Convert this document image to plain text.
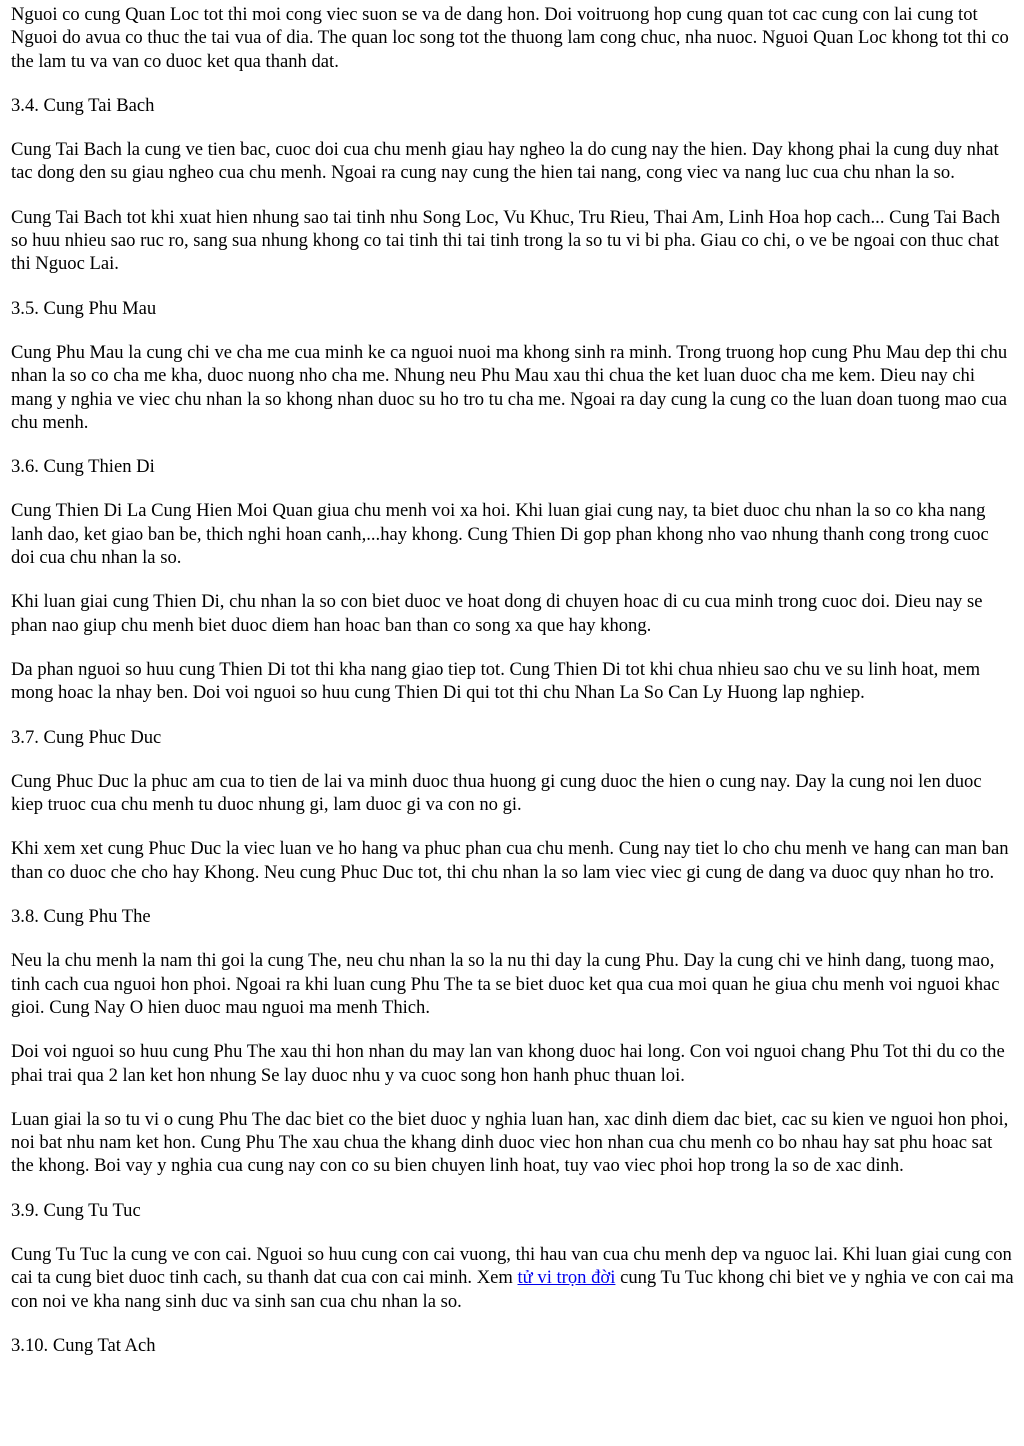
Nguoi co cung Quan Loc tot thi moi cong viec suon se va de dang hon. Doi voitruong hop cung quan tot cac cung con lai cung tot Nguoi do avua co thuc the tai vua of dia. The quan loc song tot the thuong lam cong chuc, nha nuoc. Nguoi Quan Loc khong tot thi co the lam tu va van co duoc ket qua thanh dat.

3.4. Cung Tai Bach

Cung Tai Bach la cung ve tien bac, cuoc doi cua chu menh giau hay ngheo la do cung nay the hien. Day khong phai la cung duy nhat tac dong den su giau ngheo cua chu menh. Ngoai ra cung nay cung the hien tai nang, cong viec va nang luc cua chu nhan la so.

Cung Tai Bach tot khi xuat hien nhung sao tai tinh nhu Song Loc, Vu Khuc, Tru Rieu, Thai Am, Linh Hoa hop cach... Cung Tai Bach so huu nhieu sao ruc ro, sang sua nhung khong co tai tinh thi tai tinh trong la so tu vi bi pha. Giau co chi, o ve be ngoai con thuc chat thi Nguoc Lai.

3.5. Cung Phu Mau

Cung Phu Mau la cung chi ve cha me cua minh ke ca nguoi nuoi ma khong sinh ra minh. Trong truong hop cung Phu Mau dep thi chu nhan la so co cha me kha, duoc nuong nho cha me. Nhung neu Phu Mau xau thi chua the ket luan duoc cha me kem. Dieu nay chi mang y nghia ve viec chu nhan la so khong nhan duoc su ho tro tu cha me. Ngoai ra day cung la cung co the luan doan tuong mao cua chu menh.

3.6. Cung Thien Di

Cung Thien Di La Cung Hien Moi Quan giua chu menh voi xa hoi. Khi luan giai cung nay, ta biet duoc chu nhan la so co kha nang lanh dao, ket giao ban be, thich nghi hoan canh,...hay khong. Cung Thien Di gop phan khong nho vao nhung thanh cong trong cuoc doi cua chu nhan la so.

Khi luan giai cung Thien Di, chu nhan la so con biet duoc ve hoat dong di chuyen hoac di cu cua minh trong cuoc doi. Dieu nay se phan nao giup chu menh biet duoc diem han hoac ban than co song xa que hay khong.

Da phan nguoi so huu cung Thien Di tot thi kha nang giao tiep tot. Cung Thien Di tot khi chua nhieu sao chu ve su linh hoat, mem mong hoac la nhay ben. Doi voi nguoi so huu cung Thien Di qui tot thi chu Nhan La So Can Ly Huong lap nghiep.

3.7. Cung Phuc Duc

Cung Phuc Duc la phuc am cua to tien de lai va minh duoc thua huong gi cung duoc the hien o cung nay. Day la cung noi len duoc kiep truoc cua chu menh tu duoc nhung gi, lam duoc gi va con no gi.

Khi xem xet cung Phuc Duc la viec luan ve ho hang va phuc phan cua chu menh. Cung nay tiet lo cho chu menh ve hang can man ban than co duoc che cho hay Khong. Neu cung Phuc Duc tot, thi chu nhan la so lam viec viec gi cung de dang va duoc quy nhan ho tro.

3.8. Cung Phu The

Neu la chu menh la nam thi goi la cung The, neu chu nhan la so la nu thi day la cung Phu. Day la cung chi ve hinh dang, tuong mao, tinh cach cua nguoi hon phoi. Ngoai ra khi luan cung Phu The ta se biet duoc ket qua cua moi quan he giua chu menh voi nguoi khac gioi. Cung Nay O hien duoc mau nguoi ma menh Thich.

Doi voi nguoi so huu cung Phu The xau thi hon nhan du may lan van khong duoc hai long. Con voi nguoi chang Phu Tot thi du co the phai trai qua 2 lan ket hon nhung Se lay duoc nhu y va cuoc song hon hanh phuc thuan loi.

Luan giai la so tu vi o cung Phu The dac biet co the biet duoc y nghia luan han, xac dinh diem dac biet, cac su kien ve nguoi hon phoi, noi bat nhu nam ket hon. Cung Phu The xau chua the khang dinh duoc viec hon nhan cua chu menh co bo nhau hay sat phu hoac sat the khong. Boi vay y nghia cua cung nay con co su bien chuyen linh hoat, tuy vao viec phoi hop trong la so de xac dinh.

3.9. Cung Tu Tuc

Cung Tu Tuc la cung ve con cai. Nguoi so huu cung con cai vuong, thi hau van cua chu menh dep va nguoc lai. Khi luan giai cung con cai ta cung biet duoc tinh cach, su thanh dat cua con cai minh. Xem tử vi trọn đời cung Tu Tuc khong chi biet ve y nghia ve con cai ma con noi ve kha nang sinh duc va sinh san cua chu nhan la so.

3.10. Cung Tat Ach
